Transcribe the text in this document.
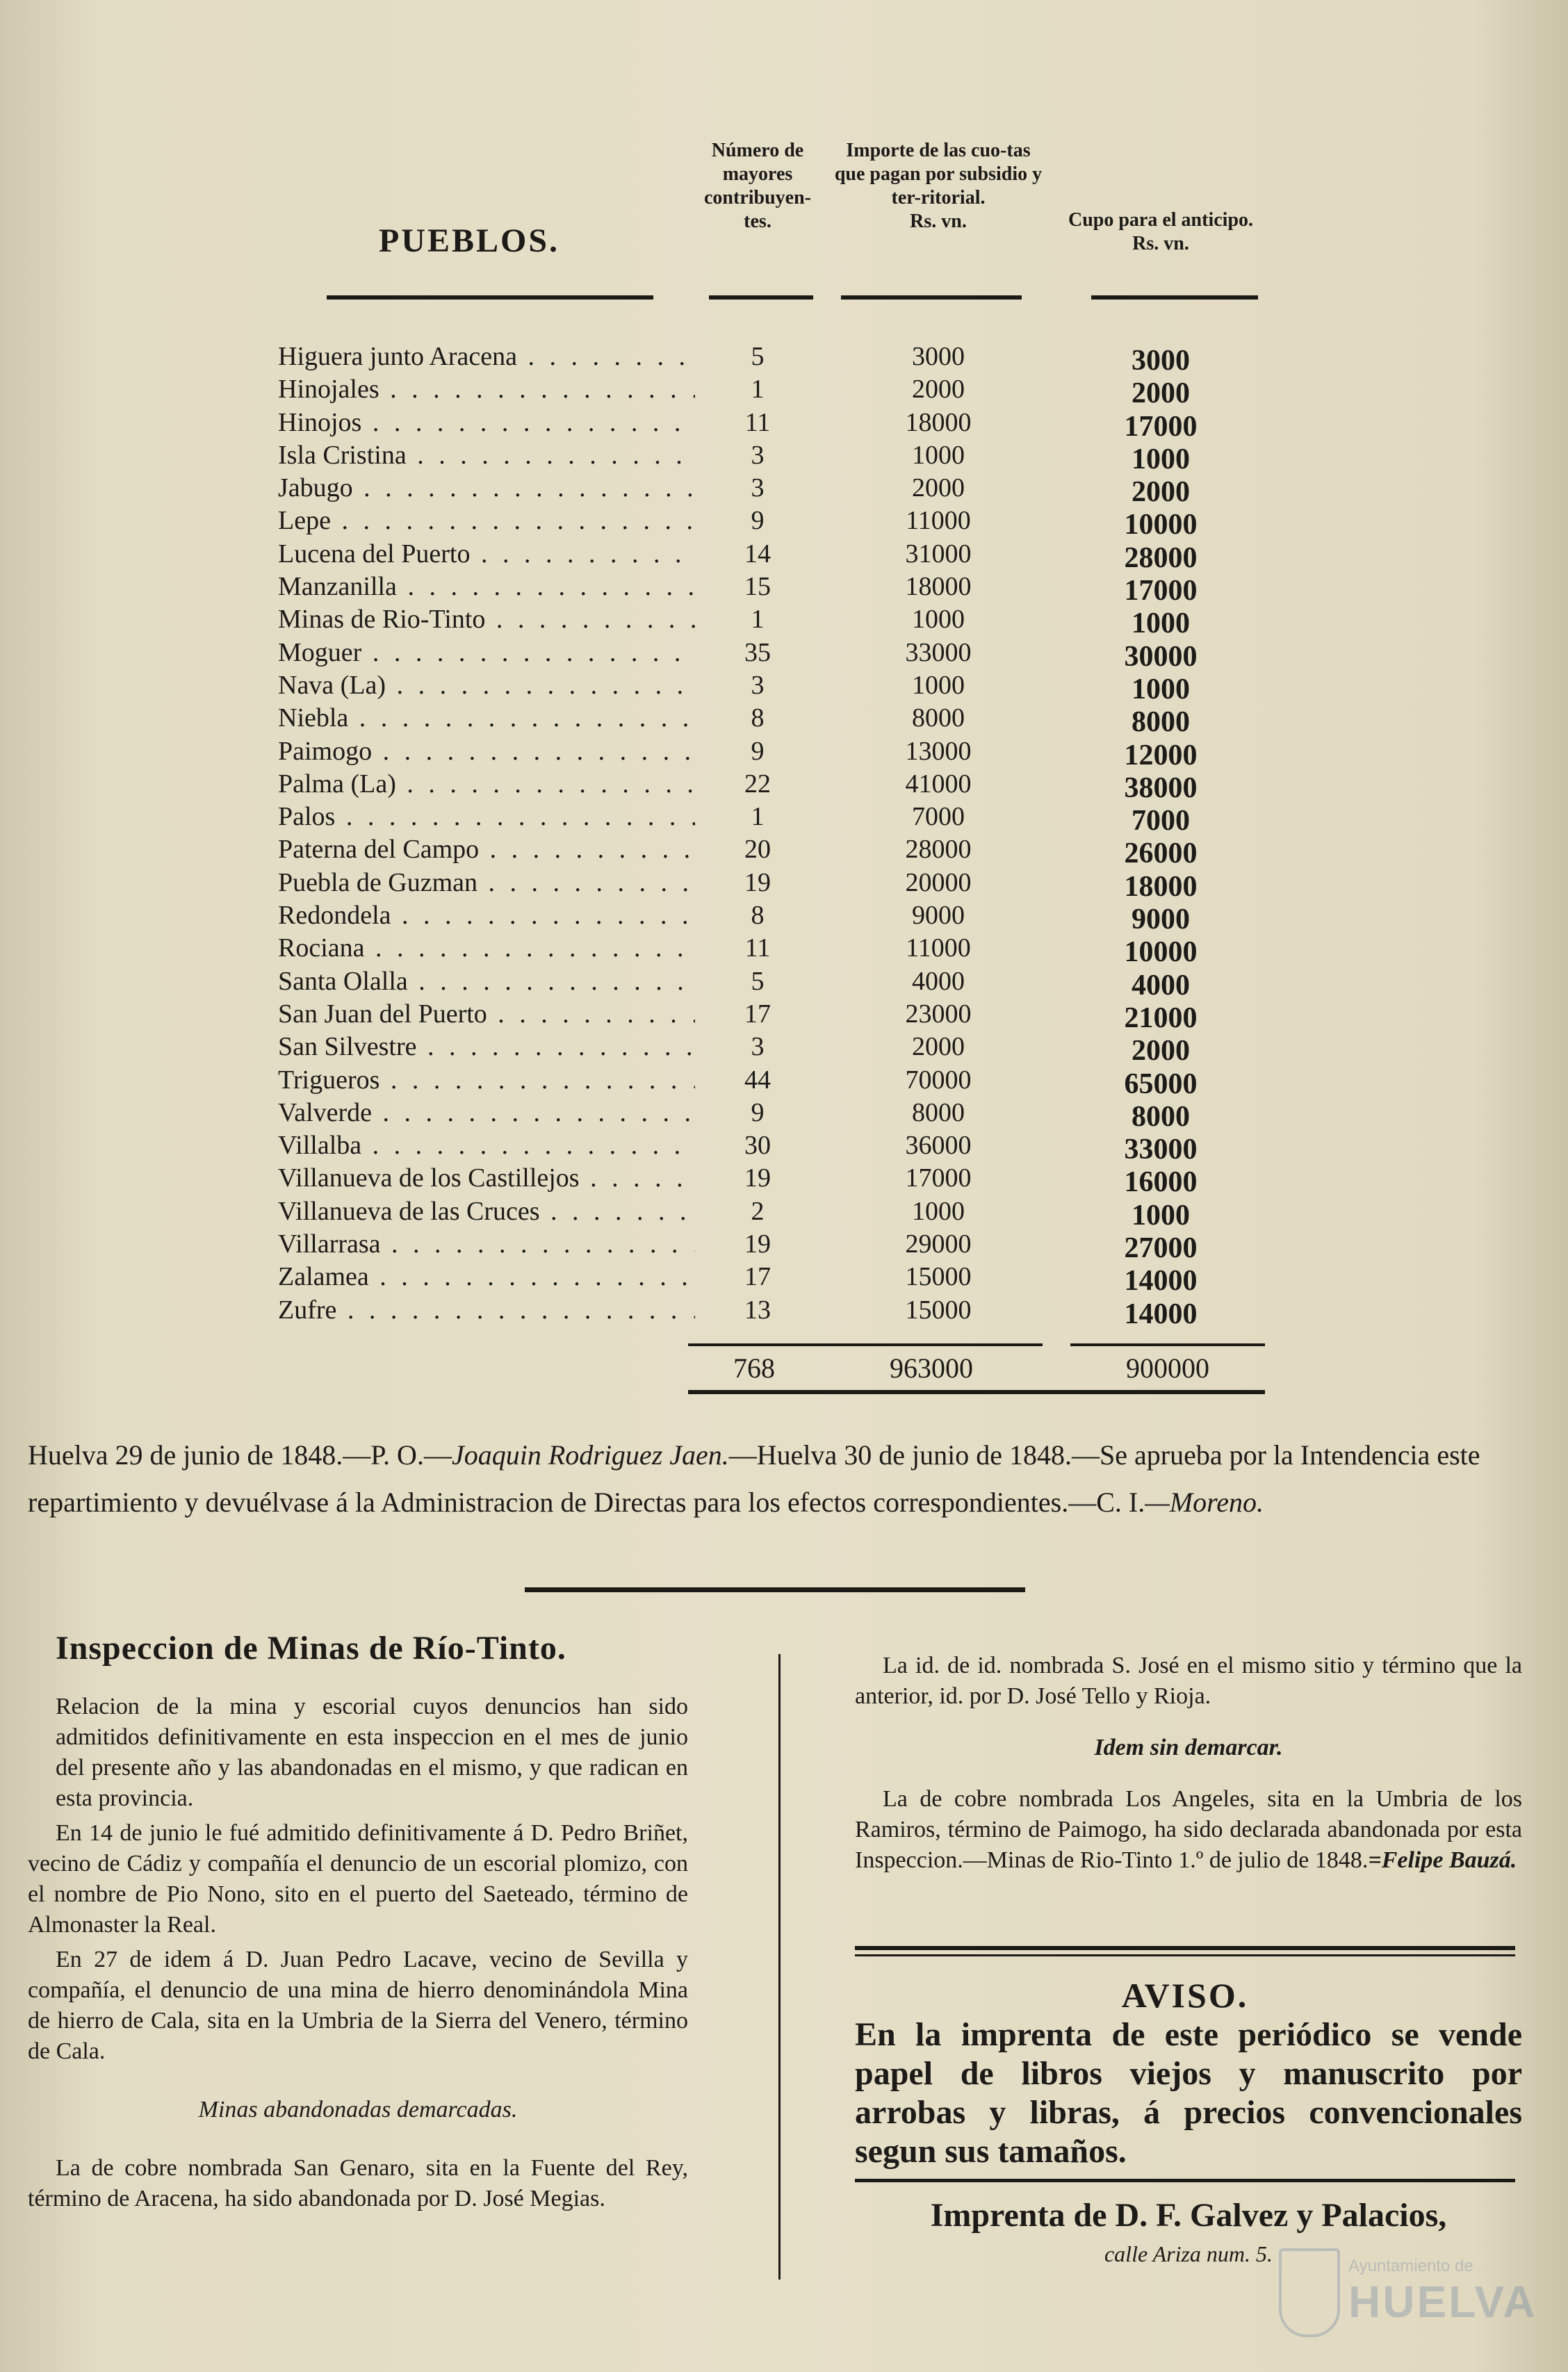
PUEBLOS.
Número de mayores contribuyen-tes.
Importe de las cuo-tas que pagan por subsidio y ter-ritorial.
Rs. vn.	Cupo para el anticipo.
Rs. vn.
Higuera junto Aracena . . .	5	3000	3000
Hinojales . . .	1	2000	2000
Hinojos . . .	11	18000	17000
Isla Cristina . . .	3	1000	1000
Jabugo . . .	3	2000	2000
Lepe . . .	9	11000	10000
Lucena del Puerto . . .	14	31000	28000
Manzanilla . . .	15	18000	17000
Minas de Rio-Tinto . . .	1	1000	1000
Moguer . . .	35	33000	30000
Nava (La) . . .	3	1000	1000
Niebla . . .	8	8000	8000
Paimogo . . .	9	13000	12000
Palma (La) . . .	22	41000	38000
Palos . . .	1	7000	7000
Paterna del Campo . . .	20	28000	26000
Puebla de Guzman . . .	19	20000	18000
Redondela . . .	8	9000	9000
Rociana . . .	11	11000	10000
Santa Olalla . . .	5	4000	4000
San Juan del Puerto . . .	17	23000	21000
San Silvestre . . .	3	2000	2000
Trigueros . . .	44	70000	65000
Valverde . . .	9	8000	8000
Villalba . . .	30	36000	33000
Villanueva de los Castillejos . . .	19	17000	16000
Villanueva de las Cruces . . .	2	1000	1000
Villarrasa . . .	19	29000	27000
Zalamea . . .	17	15000	14000
Zufre . . .	13	15000	14000
768	963000	900000
Huelva 29 de junio de 1848.—P. O.—Joaquin Rodriguez Jaen.—Huelva 30 de junio de 1848.—Se aprueba por la Intendencia este repartimiento y devuélvase á la Administracion de Directas para los efectos correspondientes.—C. I.—Moreno.
Inspeccion de Minas de Río-Tinto.

Relacion de la mina y escorial cuyos denuncios han sido admitidos definitivamente en esta inspeccion en el mes de junio del presente año y las abandonadas en el mismo, y que radican en esta provincia.

En 14 de junio le fué admitido definitivamente á D. Pedro Briñet, vecino de Cádiz y compañía el denuncio de un escorial plomizo, con el nombre de Pio Nono, sito en el puerto del Saeteado, término de Almonaster la Real.

En 27 de idem á D. Juan Pedro Lacave, vecino de Sevilla y compañía, el denuncio de una mina de hierro denominándola Mina de hierro de Cala, sita en la Umbria de la Sierra del Venero, término de Cala.

Minas abandonadas demarcadas.

La de cobre nombrada San Genaro, sita en la Fuente del Rey, término de Aracena, ha sido abandonada por D. José Megias.

La id. de id. nombrada S. José en el mismo sitio y término que la anterior, id. por D. José Tello y Rioja.

Idem sin demarcar.

La de cobre nombrada Los Angeles, sita en la Umbria de los Ramiros, término de Paimogo, ha sido declarada abandonada por esta Inspeccion.—Minas de Rio-Tinto 1.º de julio de 1848.=Felipe Bauzá.

AVISO.
En la imprenta de este periódico se vende papel de libros viejos y manuscrito por arrobas y libras, á precios convencionales segun sus tamaños.
Imprenta de D. F. Galvez y Palacios,
calle Ariza num. 5.	Ayuntamiento de
HUELVA
